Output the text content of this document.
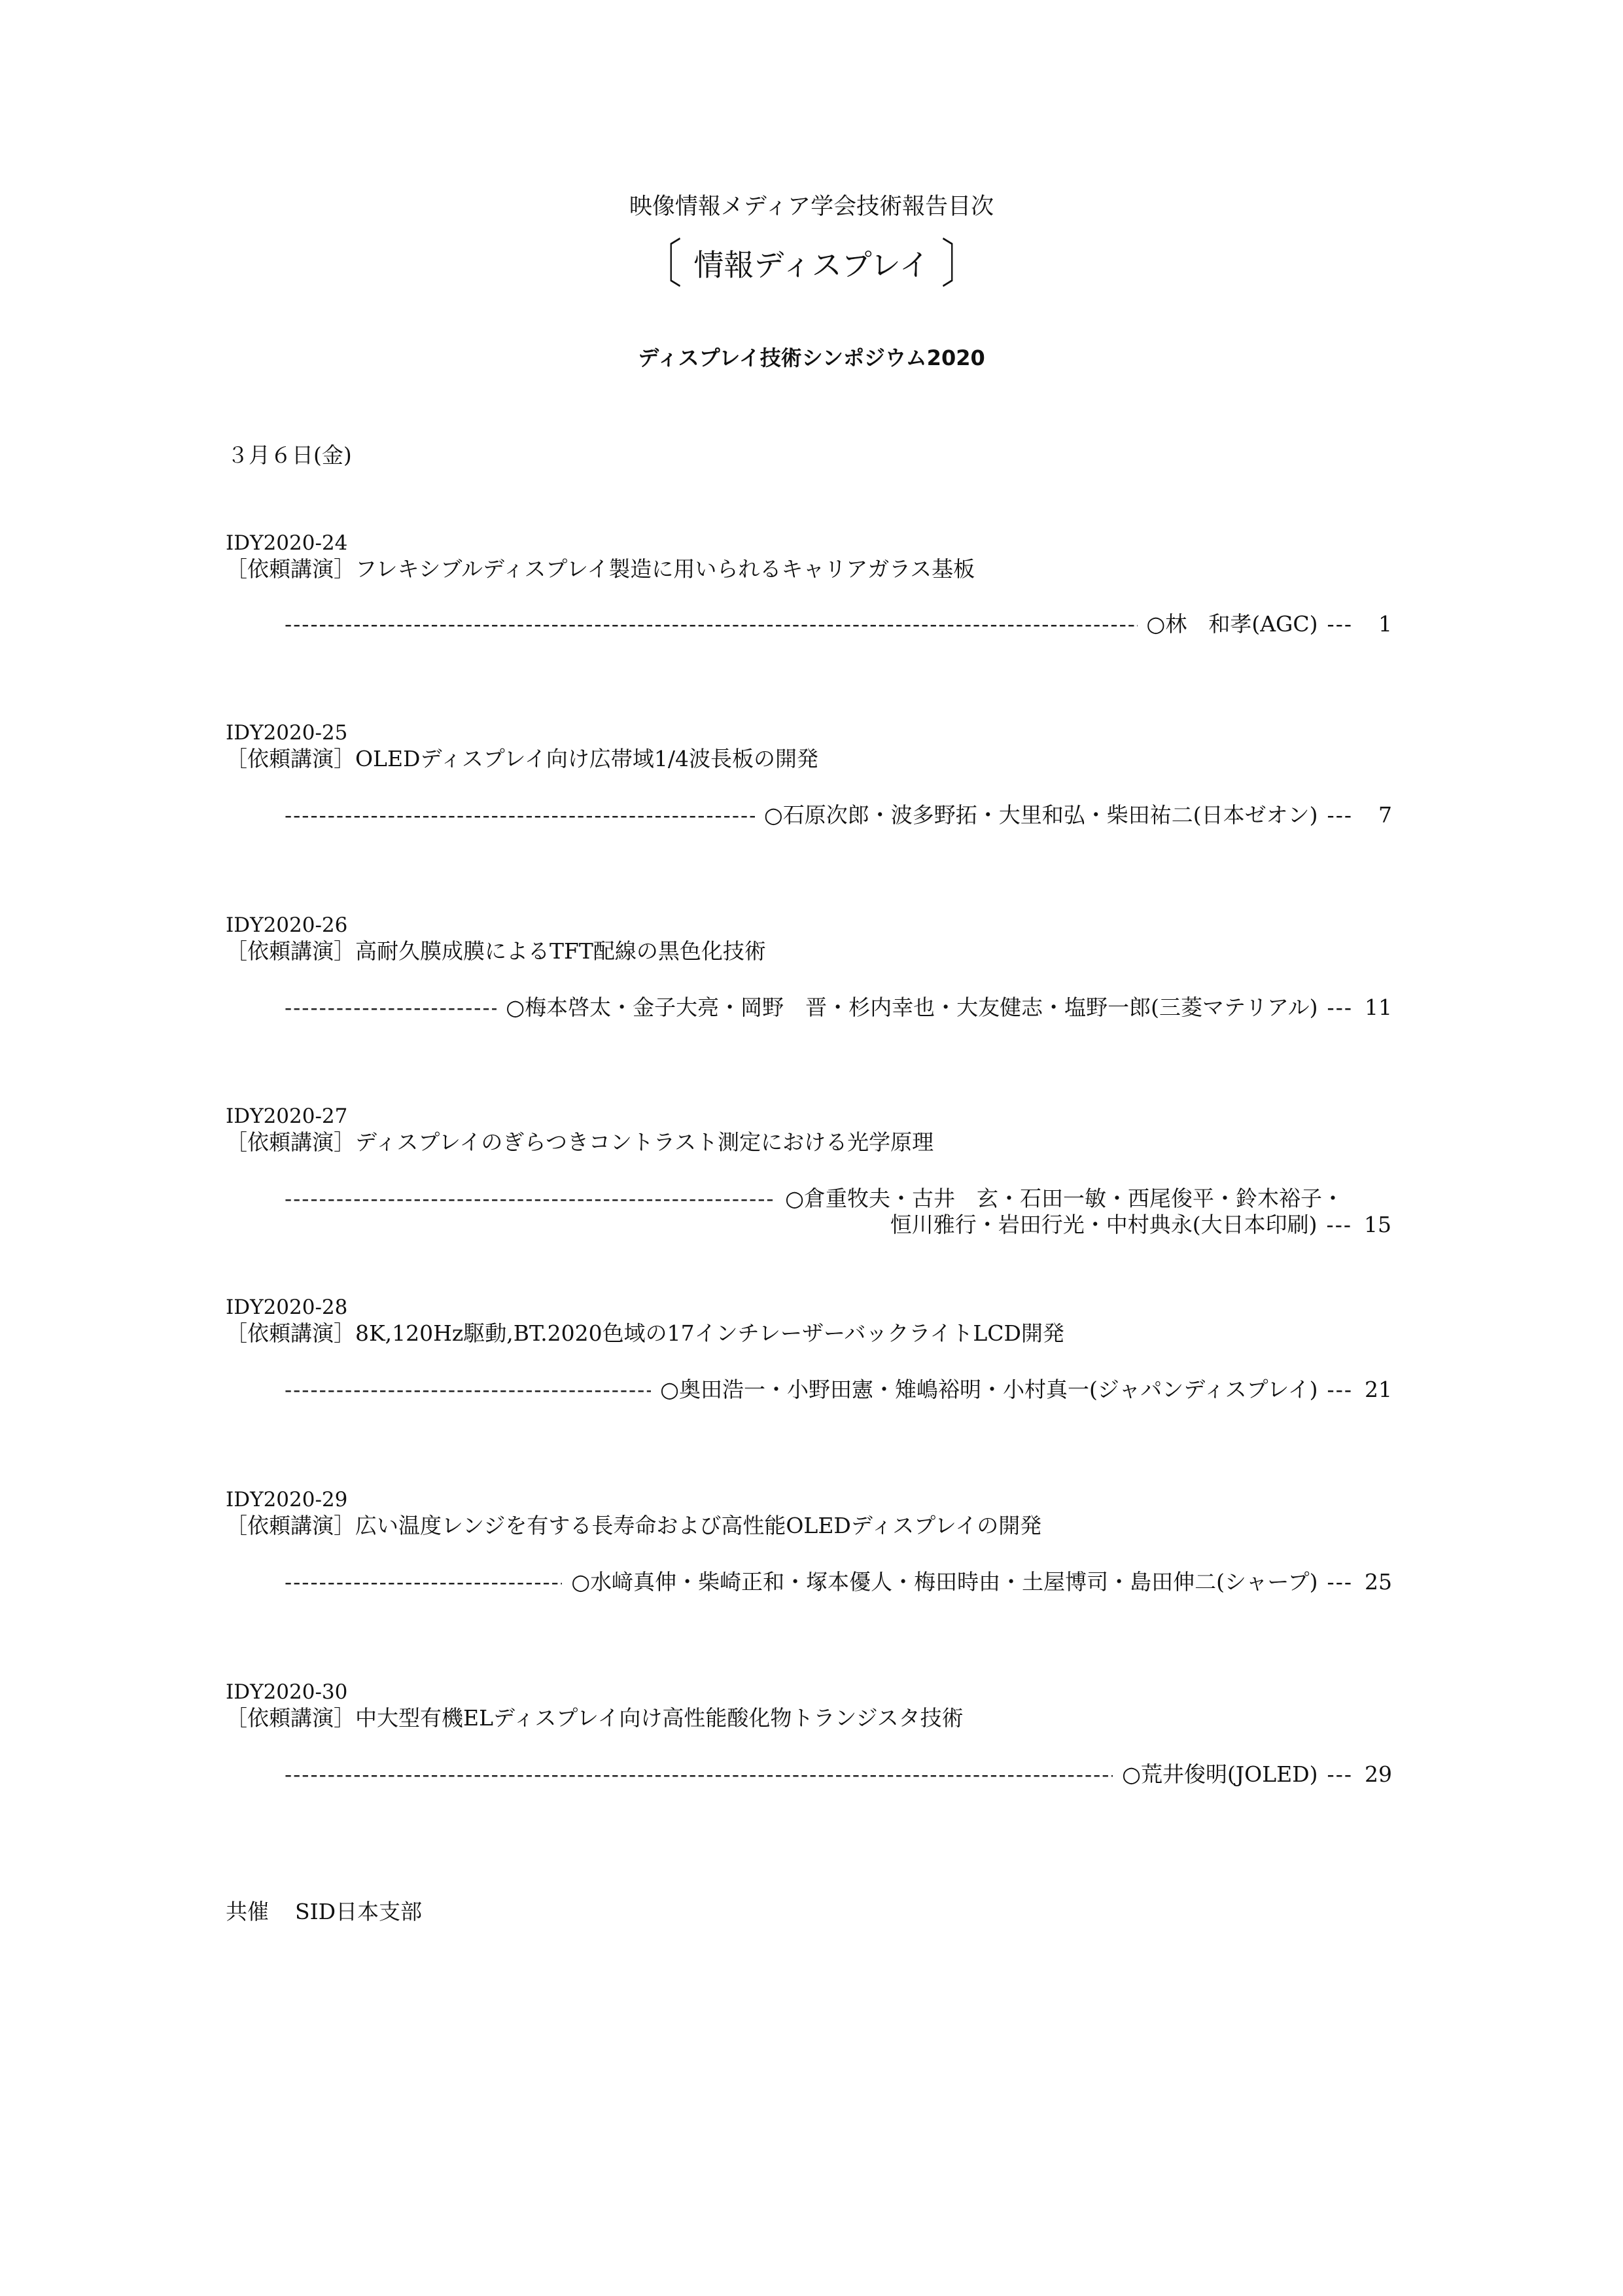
映像情報メディア学会技術報告目次
〔 情報ディスプレイ 〕
ディスプレイ技術シンポジウム2020
３月６日(金)
IDY2020-24
［依頼講演］フレキシブルディスプレイ製造に用いられるキャリアガラス基板
-----
○林　和孝(AGC) ---	1
IDY2020-25
［依頼講演］OLEDディスプレイ向け広帯域1/4波長板の開発
-----
○石原次郎・波多野拓・大里和弘・柴田祐二(日本ゼオン) ---	7
IDY2020-26
［依頼講演］高耐久膜成膜によるTFT配線の黒色化技術
-----
○梅本啓太・金子大亮・岡野　晋・杉内幸也・大友健志・塩野一郎(三菱マテリアル) --- 11
IDY2020-27
［依頼講演］ディスプレイのぎらつきコントラスト測定における光学原理
-----
○倉重牧夫・古井　玄・石田一敏・西尾俊平・鈴木裕子・
恒川雅行・岩田行光・中村典永(大日本印刷) --- 15
IDY2020-28
［依頼講演］8K,120Hz駆動,BT.2020色域の17インチレーザーバックライトLCD開発
-----
○奥田浩一・小野田憲・雉嶋裕明・小村真一(ジャパンディスプレイ) --- 21
IDY2020-29
［依頼講演］広い温度レンジを有する長寿命および高性能OLEDディスプレイの開発
-----
○水﨑真伸・柴崎正和・塚本優人・梅田時由・土屋博司・島田伸二(シャープ) --- 25
IDY2020-30
［依頼講演］中大型有機ELディスプレイ向け高性能酸化物トランジスタ技術
-----
○荒井俊明(JOLED) --- 29
共催 SID日本支部
